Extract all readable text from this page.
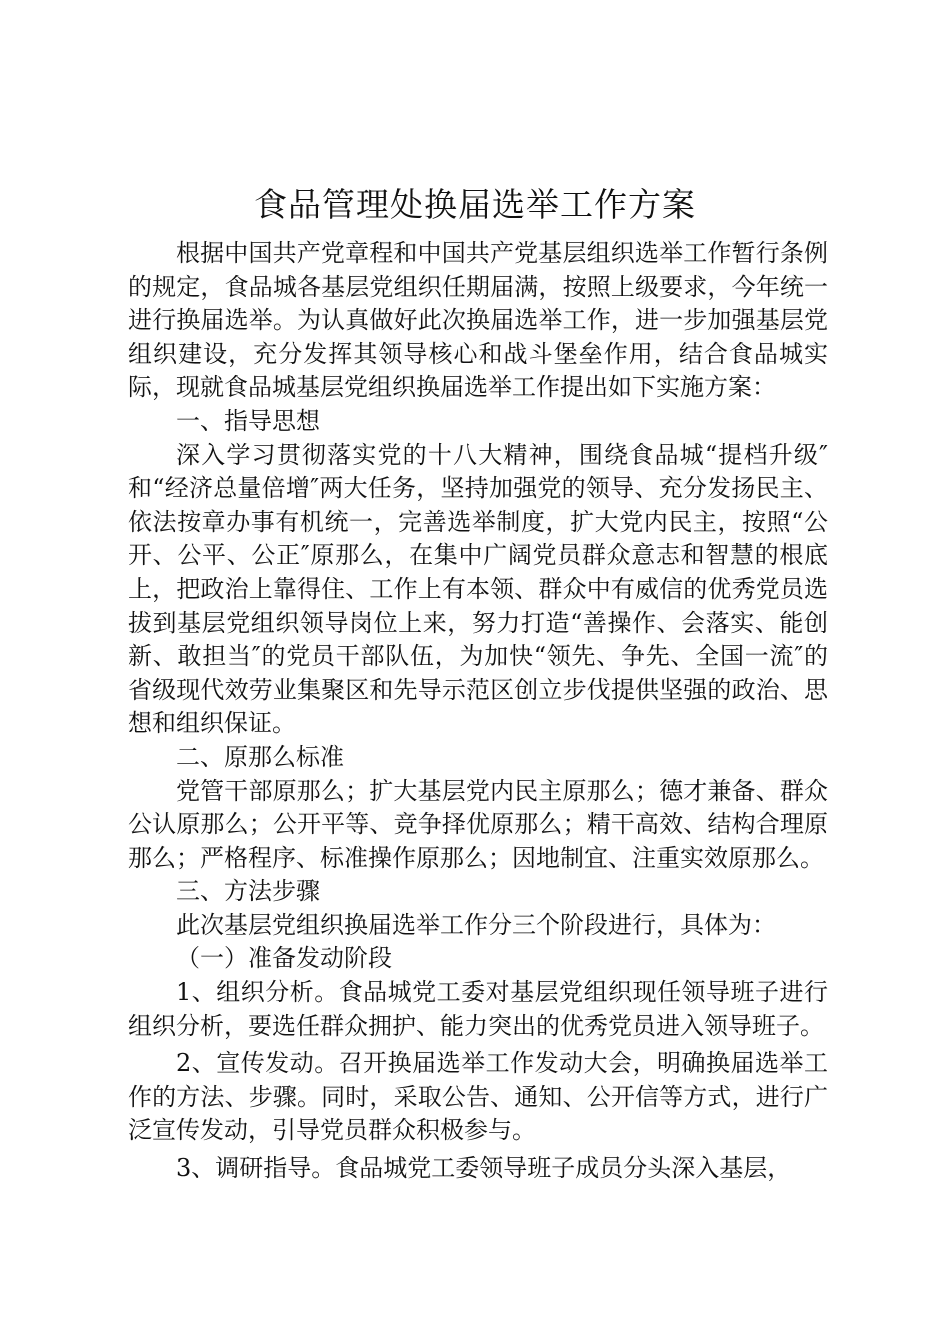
食品管理处换届选举工作方案

根据中国共产党章程和中国共产党基层组织选举工作暂行条例的规定，食品城各基层党组织任期届满，按照上级要求，今年统一进行换届选举。为认真做好此次换届选举工作，进一步加强基层党组织建设，充分发挥其领导核心和战斗堡垒作用，结合食品城实际，现就食品城基层党组织换届选举工作提出如下实施方案：

一、指导思想

深入学习贯彻落实党的十八大精神，围绕食品城“提档升级″和“经济总量倍增″两大任务，坚持加强党的领导、充分发扬民主、依法按章办事有机统一，完善选举制度，扩大党内民主，按照“公开、公平、公正″原那么，在集中广阔党员群众意志和智慧的根底上，把政治上靠得住、工作上有本领、群众中有威信的优秀党员选拔到基层党组织领导岗位上来，努力打造“善操作、会落实、能创新、敢担当″的党员干部队伍，为加快“领先、争先、全国一流″的省级现代效劳业集聚区和先导示范区创立步伐提供坚强的政治、思想和组织保证。

二、原那么标准

党管干部原那么；扩大基层党内民主原那么；德才兼备、群众公认原那么；公开平等、竞争择优原那么；精干高效、结构合理原那么；严格程序、标准操作原那么；因地制宜、注重实效原那么。

三、方法步骤

此次基层党组织换届选举工作分三个阶段进行，具体为：

（一）准备发动阶段

1、组织分析。食品城党工委对基层党组织现任领导班子进行组织分析，要选任群众拥护、能力突出的优秀党员进入领导班子。

2、宣传发动。召开换届选举工作发动大会，明确换届选举工作的方法、步骤。同时，采取公告、通知、公开信等方式，进行广泛宣传发动，引导党员群众积极参与。

3、调研指导。食品城党工委领导班子成员分头深入基层，
